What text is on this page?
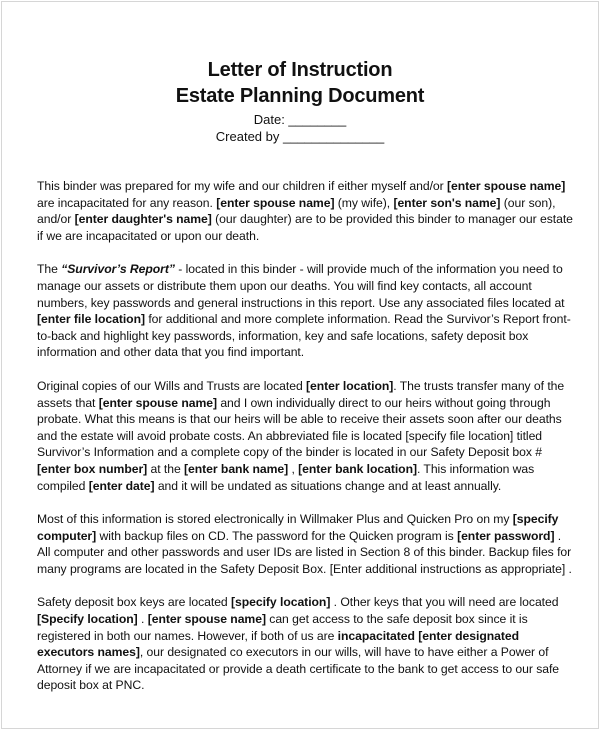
Letter of Instruction
Estate Planning Document
Date: ________
Created by ______________

This binder was prepared for my wife and our children if either myself and/or [enter spouse name] are incapacitated for any reason. [enter spouse name] (my wife), [enter son's name] (our son), and/or [enter daughter's name] (our daughter) are to be provided this binder to manager our estate if we are incapacitated or upon our death.

The “Survivor’s Report” - located in this binder - will provide much of the information you need to manage our assets or distribute them upon our deaths. You will find key contacts, all account numbers, key passwords and general instructions in this report. Use any associated files located at [enter file location] for additional and more complete information. Read the Survivor’s Report front-to-back and highlight key passwords, information, key and safe locations, safety deposit box information and other data that you find important.

Original copies of our Wills and Trusts are located [enter location]. The trusts transfer many of the assets that [enter spouse name] and I own individually direct to our heirs without going through probate. What this means is that our heirs will be able to receive their assets soon after our deaths and the estate will avoid probate costs. An abbreviated file is located [specify file location] titled Survivor’s Information and a complete copy of the binder is located in our Safety Deposit box # [enter box number] at the [enter bank name] , [enter bank location]. This information was compiled [enter date] and it will be undated as situations change and at least annually.

Most of this information is stored electronically in Willmaker Plus and Quicken Pro on my [specify computer] with backup files on CD. The password for the Quicken program is [enter password] . All computer and other passwords and user IDs are listed in Section 8 of this binder. Backup files for many programs are located in the Safety Deposit Box. [Enter additional instructions as appropriate] .

Safety deposit box keys are located [specify location] . Other keys that you will need are located [Specify location] . [enter spouse name] can get access to the safe deposit box since it is registered in both our names. However, if both of us are incapacitated [enter designated executors names], our designated co executors in our wills, will have to have either a Power of Attorney if we are incapacitated or provide a death certificate to the bank to get access to our safe deposit box at PNC.
